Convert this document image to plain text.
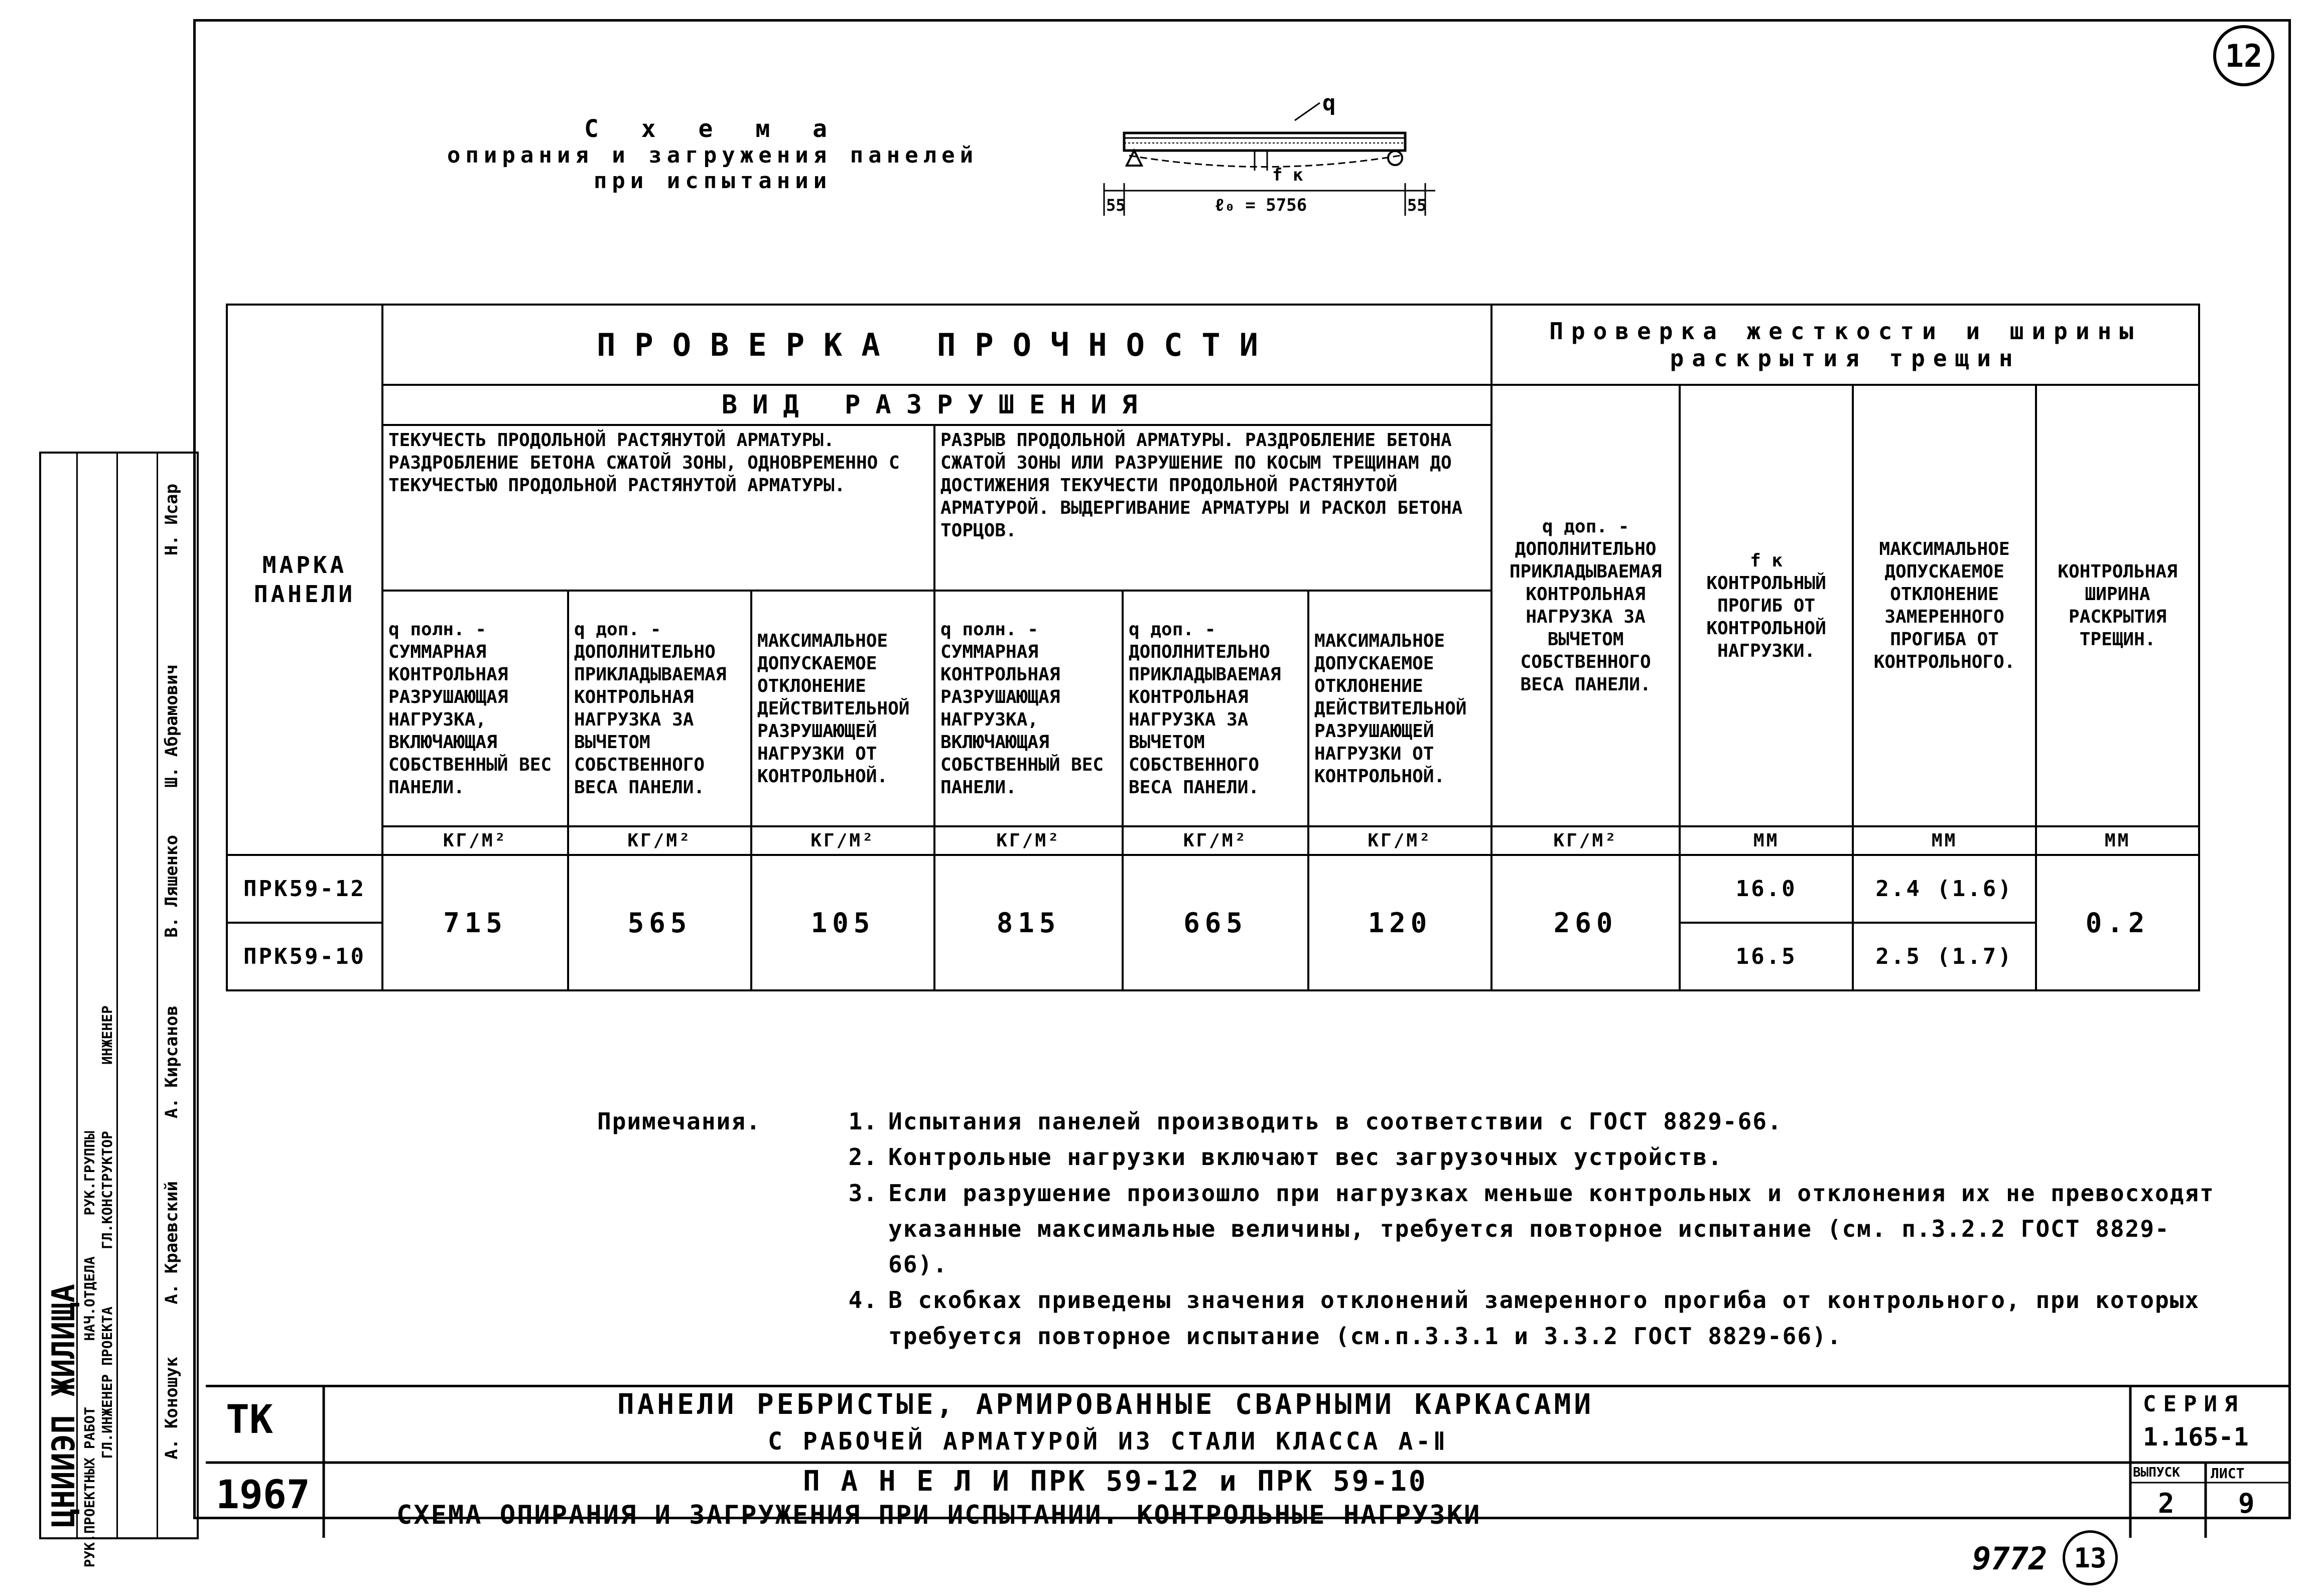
12
С х е м а
опирания и загружения панелей
при испытании
q
f к
55	ℓ₀ = 5756	55
МАРКА ПАНЕЛИ	ПРОВЕРКА ПРОЧНОСТИ						Проверка жесткости и ширины раскрытия трещин			
	ВИД РАЗРУШЕНИЯ						q доп. - ДОПОЛНИТЕЛЬНО ПРИКЛАДЫВАЕМАЯ КОНТРОЛЬНАЯ НАГРУЗКА ЗА ВЫЧЕТОМ СОБСТВЕННОГО ВЕСА ПАНЕЛИ.	f к КОНТРОЛЬНЫЙ ПРОГИБ ОТ КОНТРОЛЬНОЙ НАГРУЗКИ.	МАКСИМАЛЬНОЕ ДОПУСКАЕМОЕ ОТКЛОНЕНИЕ ЗАМЕРЕННОГО ПРОГИБА ОТ КОНТРОЛЬНОГО.	КОНТРОЛЬНАЯ ШИРИНА РАСКРЫТИЯ ТРЕЩИН.
	ТЕКУЧЕСТЬ ПРОДОЛЬНОЙ РАСТЯНУТОЙ АРМАТУРЫ. РАЗДРОБЛЕНИЕ БЕТОНА СЖАТОЙ ЗОНЫ, ОДНОВРЕМЕННО С ТЕКУЧЕСТЬЮ ПРОДОЛЬНОЙ РАСТЯНУТОЙ АРМАТУРЫ.			РАЗРЫВ ПРОДОЛЬНОЙ АРМАТУРЫ. РАЗДРОБЛЕНИЕ БЕТОНА СЖАТОЙ ЗОНЫ ИЛИ РАЗРУШЕНИЕ ПО КОСЫМ ТРЕЩИНАМ ДО ДОСТИЖЕНИЯ ТЕКУЧЕСТИ ПРОДОЛЬНОЙ РАСТЯНУТОЙ АРМАТУРОЙ. ВЫДЕРГИВАНИЕ АРМАТУРЫ И РАСКОЛ БЕТОНА ТОРЦОВ.						
	q полн. - СУММАРНАЯ КОНТРОЛЬНАЯ РАЗРУШАЮЩАЯ НАГРУЗКА, ВКЛЮЧАЮЩАЯ СОБСТВЕННЫЙ ВЕС ПАНЕЛИ.	q доп. - ДОПОЛНИТЕЛЬНО ПРИКЛАДЫВАЕМАЯ КОНТРОЛЬНАЯ НАГРУЗКА ЗА ВЫЧЕТОМ СОБСТВЕННОГО ВЕСА ПАНЕЛИ.	МАКСИМАЛЬНОЕ ДОПУСКАЕМОЕ ОТКЛОНЕНИЕ ДЕЙСТВИТЕЛЬНОЙ РАЗРУШАЮЩЕЙ НАГРУЗКИ ОТ КОНТРОЛЬНОЙ.	q полн. - СУММАРНАЯ КОНТРОЛЬНАЯ РАЗРУШАЮЩАЯ НАГРУЗКА, ВКЛЮЧАЮЩАЯ СОБСТВЕННЫЙ ВЕС ПАНЕЛИ.	q доп. - ДОПОЛНИТЕЛЬНО ПРИКЛАДЫВАЕМАЯ КОНТРОЛЬНАЯ НАГРУЗКА ЗА ВЫЧЕТОМ СОБСТВЕННОГО ВЕСА ПАНЕЛИ.	МАКСИМАЛЬНОЕ ДОПУСКАЕМОЕ ОТКЛОНЕНИЕ ДЕЙСТВИТЕЛЬНОЙ РАЗРУШАЮЩЕЙ НАГРУЗКИ ОТ КОНТРОЛЬНОЙ.				
	КГ/М²	КГ/М²	КГ/М²	КГ/М²	КГ/М²	КГ/М²	КГ/М²	ММ	ММ	ММ
ПРК59-12	715	565	105	815	665	120	260	16.0	2.4 (1.6)	0.2
ПРК59-10								16.5	2.5 (1.7)	
Примечания.	1. Испытания панелей производить в соответствии с ГОСТ 8829-66.
2. Контрольные нагрузки включают вес загрузочных устройств.
3. Если разрушение произошло при нагрузках меньше контрольных и отклонения их не превосходят указанные максимальные величины, требуется повторное испытание (см. п.3.2.2 ГОСТ 8829-66).
4. В скобках приведены значения отклонений замеренного прогиба от контрольного, при которых требуется повторное испытание (см.п.3.3.1 и 3.3.2 ГОСТ 8829-66).
ТК
1967
ПАНЕЛИ РЕБРИСТЫЕ, АРМИРОВАННЫЕ СВАРНЫМИ КАРКАСАМИ
С РАБОЧЕЙ АРМАТУРОЙ ИЗ СТАЛИ КЛАССА А-Ⅱ
П А Н Е Л И ПРК 59-12 и ПРК 59-10
СХЕМА ОПИРАНИЯ И ЗАГРУЖЕНИЯ ПРИ ИСПЫТАНИИ. КОНТРОЛЬНЫЕ НАГРУЗКИ
СЕРИЯ
1.165-1
ВЫПУСК
2
ЛИСТ
9
9772 13
ЦНИИЭП ЖИЛИЩА НАЧ.ОТДЕЛА
ГЛ.КОНСТРУКТОР
РУК.ГРУППЫ
ИНЖЕНЕР
РУК.ПРОЕКТНЫХ РАБОТ
ГЛ.ИНЖЕНЕР ПРОЕКТА
Н. Исар
Ш. Абрамович
В. Ляшенко
А. Кирсанов
А. Краевский
А. Коношук
